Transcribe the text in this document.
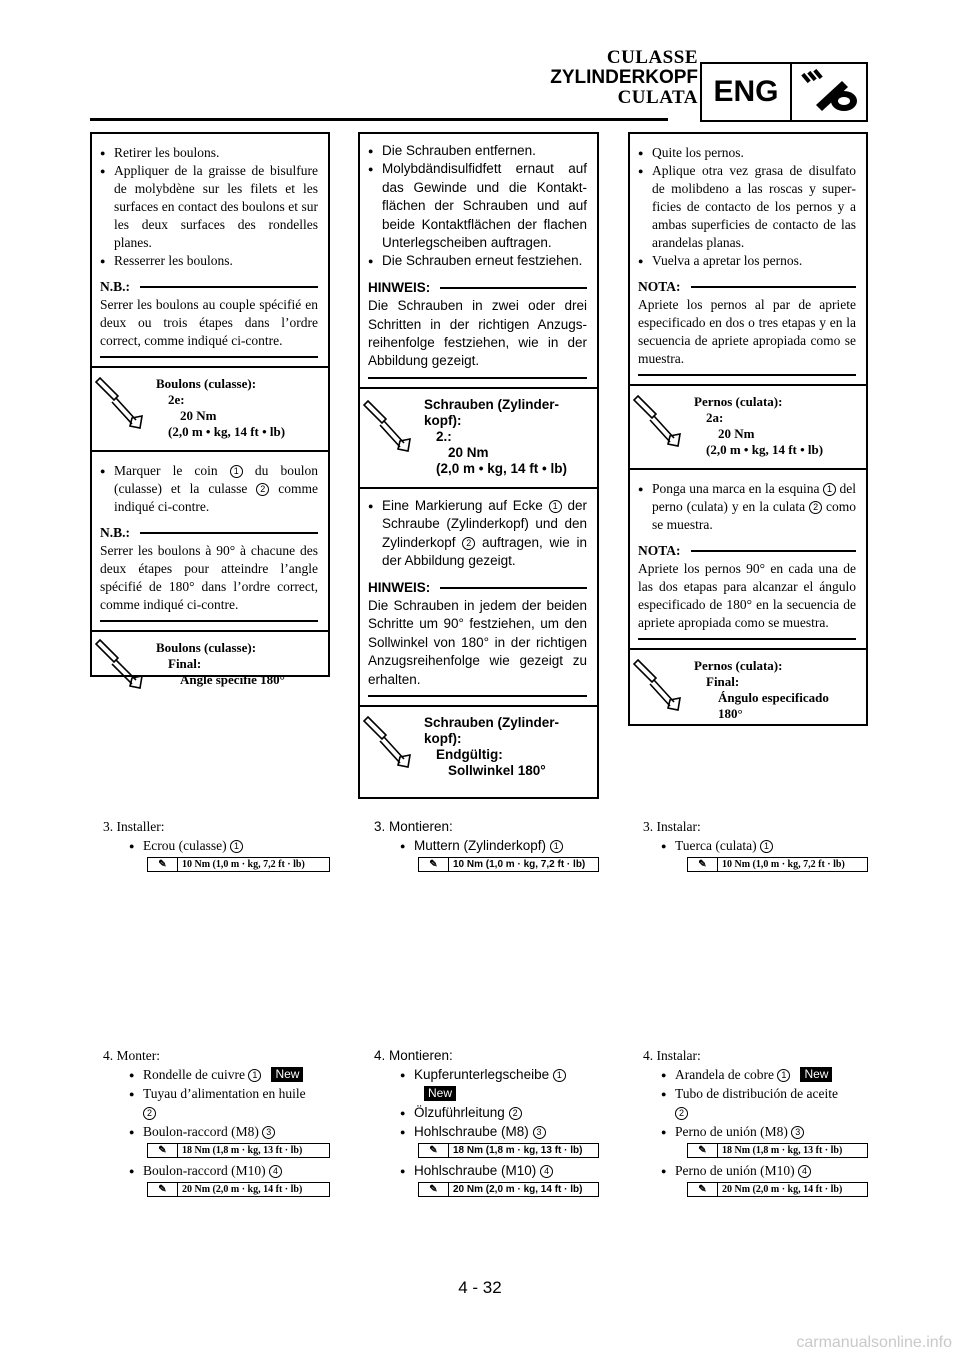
CULASSE
ZYLINDERKOPF
CULATA ENG
● Retirer les boulons.
● Appliquer de la graisse de bisulfure de molybdène sur les filets et les surfaces en contact des boulons et sur les deux surfaces des rondelles planes.
● Resserrer les boulons.
N.B.:
Serrer les boulons au couple spécifié en deux ou trois étapes dans l’ordre correct, comme indiqué ci-contre.
Boulons (culasse):
2e:
20 Nm
(2,0 m • kg, 14 ft • lb)
● Marquer le coin 1 du boulon (culasse) et la culasse 2 comme indiqué ci-contre.
N.B.:
Serrer les boulons à 90° à chacune des deux étapes pour atteindre l’angle spécifié de 180° dans l’ordre correct, comme indiqué ci-contre.
Boulons (culasse):
Final:
Angle spécifié 180°
● Die Schrauben entfernen.
● Molybdändisulfidfett ernaut auf das Gewinde und die Kontaktflächen der Schrauben und auf beide Kontaktflächen der flachen Unterlegscheiben auftragen.
● Die Schrauben erneut festziehen.
HINWEIS:
Die Schrauben in zwei oder drei Schritten in der richtigen Anzugsreihenfolge festziehen, wie in der Abbildung gezeigt.
Schrauben (Zylinder-
kopf):
2.:
20 Nm
(2,0 m • kg, 14 ft • lb)
● Eine Markierung auf Ecke 1 der Schraube (Zylinderkopf) und den Zylinderkopf 2 auftragen, wie in der Abbildung gezeigt.
HINWEIS:
Die Schrauben in jedem der beiden Schritte um 90° festziehen, um den Sollwinkel von 180° in der richtigen Anzugsreihenfolge wie gezeigt zu erhalten.
Schrauben (Zylinder-
kopf):
Endgültig:
Sollwinkel 180°
● Quite los pernos.
● Aplique otra vez grasa de disulfato de molibdeno a las roscas y superficies de contacto de los pernos y a ambas superficies de contacto de las arandelas planas.
● Vuelva a apretar los pernos.
NOTA:
Apriete los pernos al par de apriete especificado en dos o tres etapas y en la secuencia de apriete apropiada como se muestra.
Pernos (culata):
2a:
20 Nm
(2,0 m • kg, 14 ft • lb)
● Ponga una marca en la esquina 1 del perno (culata) y en la culata 2 como se muestra.
NOTA:
Apriete los pernos 90° en cada una de las dos etapas para alcanzar el ángulo especificado de 180° en la secuencia de apriete apropiada como se muestra.
Pernos (culata):
Final:
Ángulo especificado
180°
3. Installer:
● Ecrou (culasse) 1
✎	10 Nm (1,0 m · kg, 7,2 ft · lb)
3. Montieren:
● Muttern (Zylinderkopf) 1
✎	10 Nm (1,0 m · kg, 7,2 ft · lb)
3. Instalar:
● Tuerca (culata) 1
✎	10 Nm (1,0 m · kg, 7,2 ft · lb)
4. Monter:
● Rondelle de cuivre 1 New
● Tuyau d’alimentation en huile
2
● Boulon-raccord (M8) 3
✎	18 Nm (1,8 m · kg, 13 ft · lb)
● Boulon-raccord (M10) 4
✎	20 Nm (2,0 m · kg, 14 ft · lb)
4. Montieren:
● Kupferunterlegscheibe 1
New
● Ölzuführleitung 2
● Hohlschraube (M8) 3
✎	18 Nm (1,8 m · kg, 13 ft · lb)
● Hohlschraube (M10) 4
✎	20 Nm (2,0 m · kg, 14 ft · lb)
4. Instalar:
● Arandela de cobre 1 New
● Tubo de distribución de aceite
2
● Perno de unión (M8) 3
✎	18 Nm (1,8 m · kg, 13 ft · lb)
● Perno de unión (M10) 4
✎	20 Nm (2,0 m · kg, 14 ft · lb)
4 - 32
carmanualsonline.info
